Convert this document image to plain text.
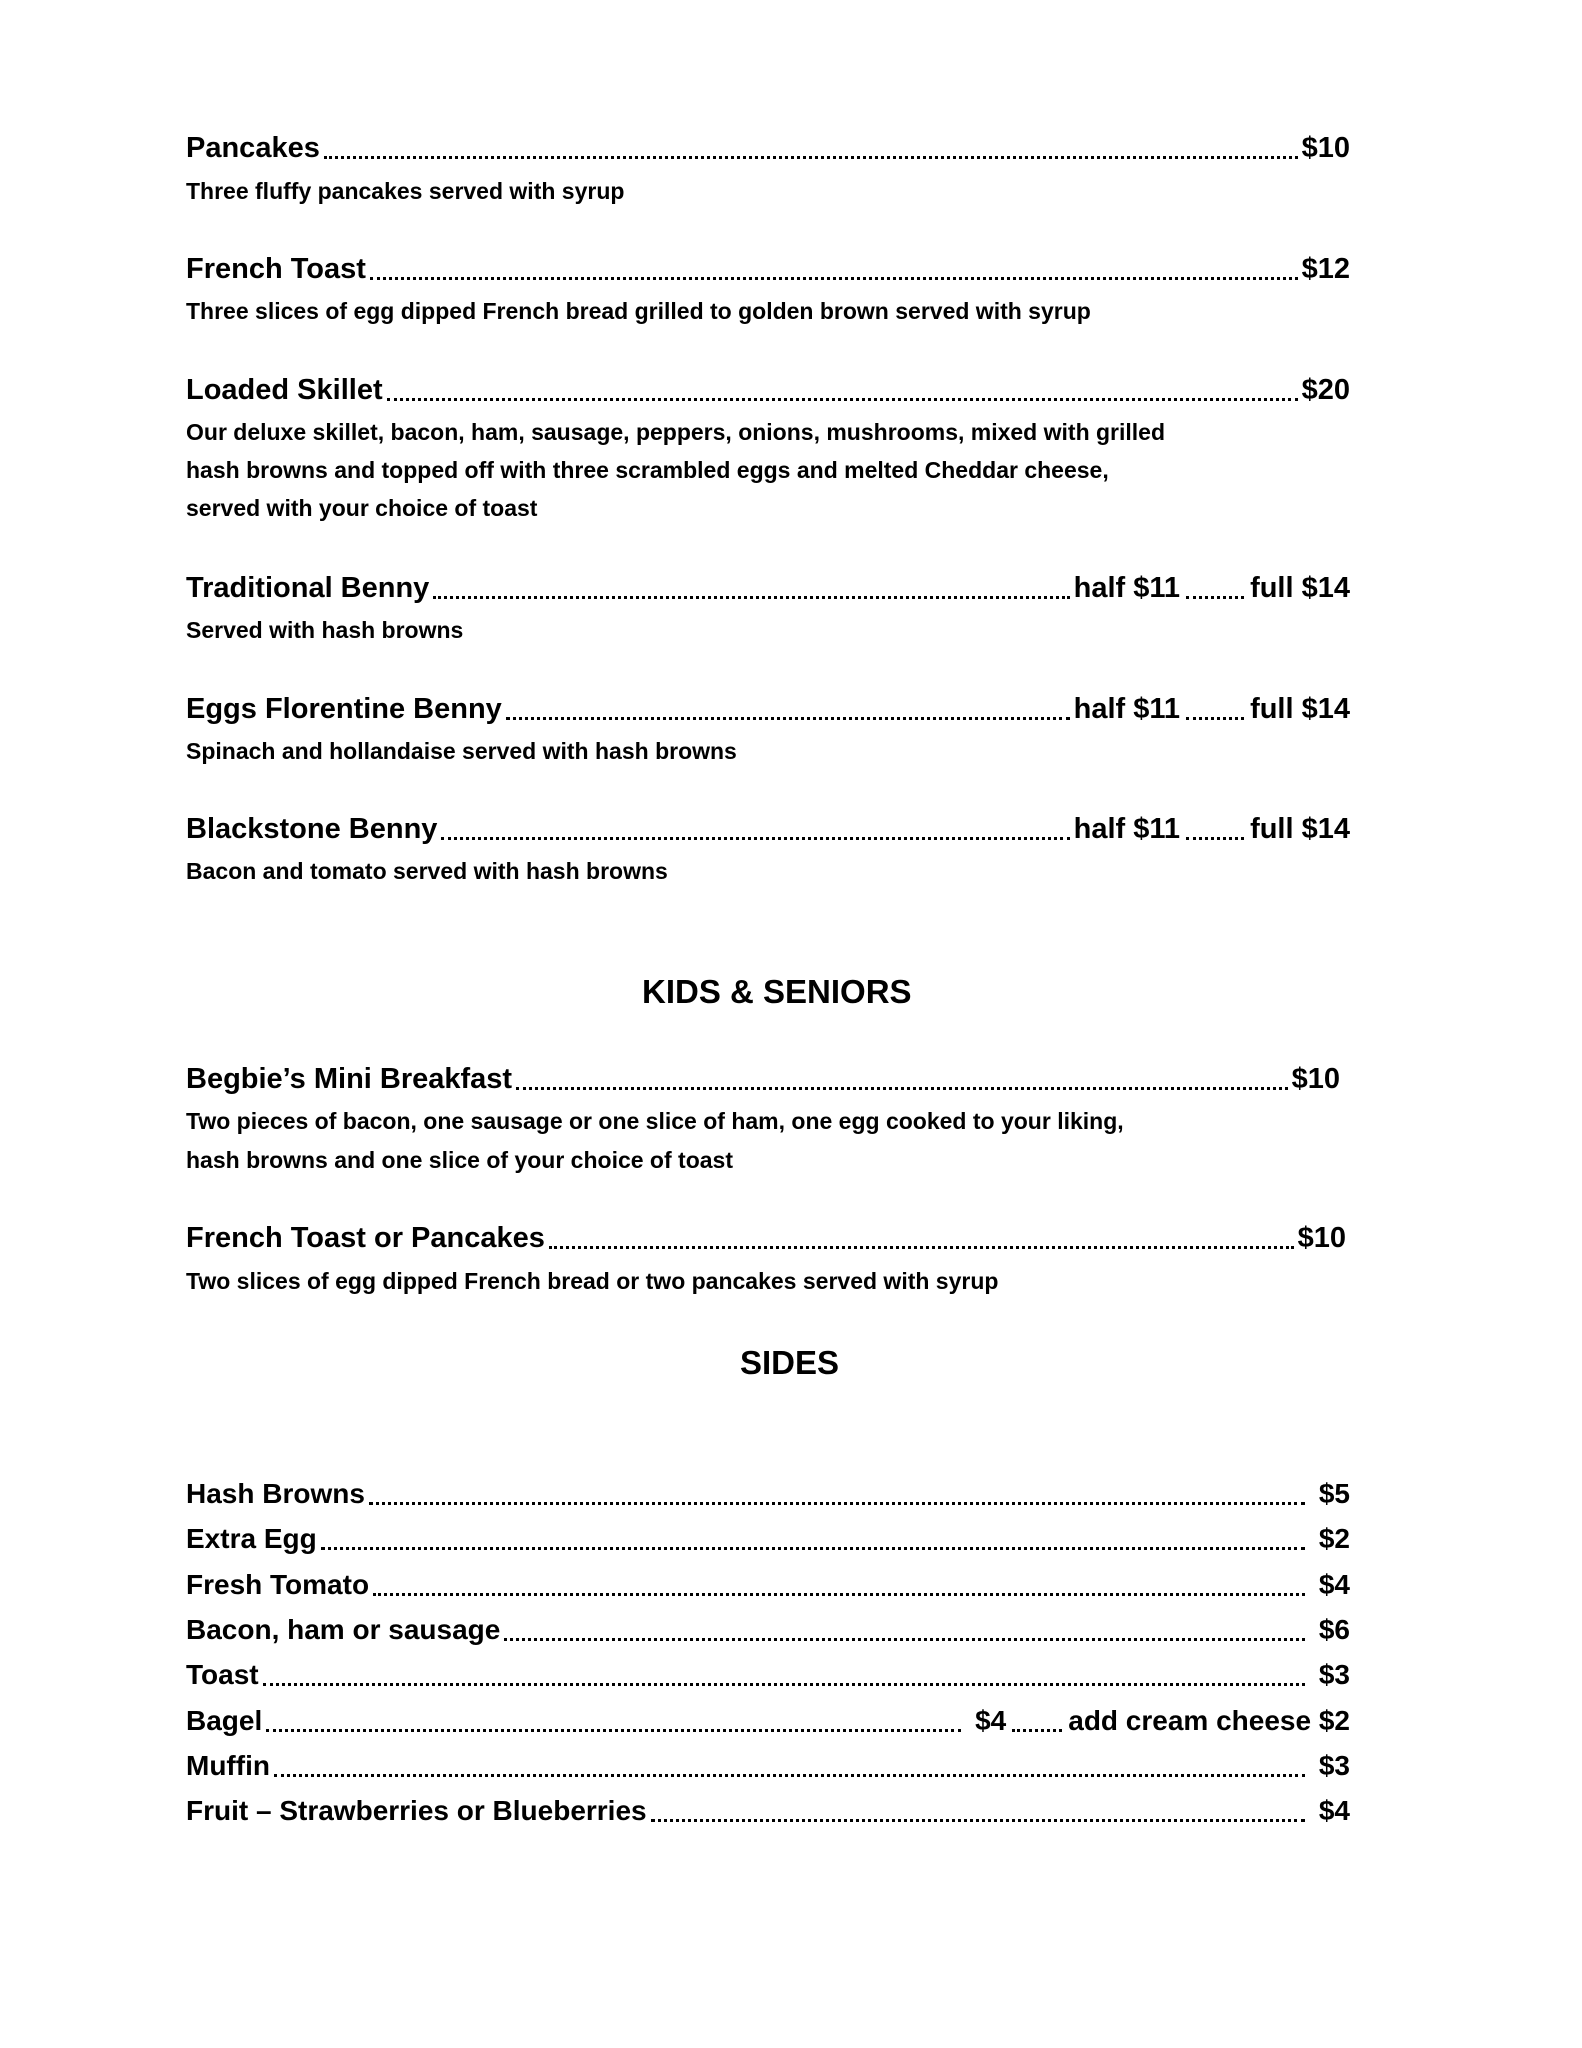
Pancakes	$10
Three fluffy pancakes served with syrup
French Toast	$12
Three slices of egg dipped French bread grilled to golden brown served with syrup
Loaded Skillet	$20
Our deluxe skillet, bacon, ham, sausage, peppers, onions, mushrooms, mixed with grilled
hash browns and topped off with three scrambled eggs and melted Cheddar cheese,
served with your choice of toast
Traditional Benny	half $11 full $14
Served with hash browns
Eggs Florentine Benny	half $11 full $14
Spinach and hollandaise served with hash browns
Blackstone Benny	half $11 full $14
Bacon and tomato served with hash browns
KIDS & SENIORS
Begbie’s Mini Breakfast	$10
Two pieces of bacon, one sausage or one slice of ham, one egg cooked to your liking,
hash browns and one slice of your choice of toast
French Toast or Pancakes	$10
Two slices of egg dipped French bread or two pancakes served with syrup
SIDES
Hash Browns	$5
Extra Egg	$2
Fresh Tomato	$4
Bacon, ham or sausage	$6
Toast	$3
Bagel	$4 add cream cheese $2
Muffin	$3
Fruit – Strawberries or Blueberries	$4
